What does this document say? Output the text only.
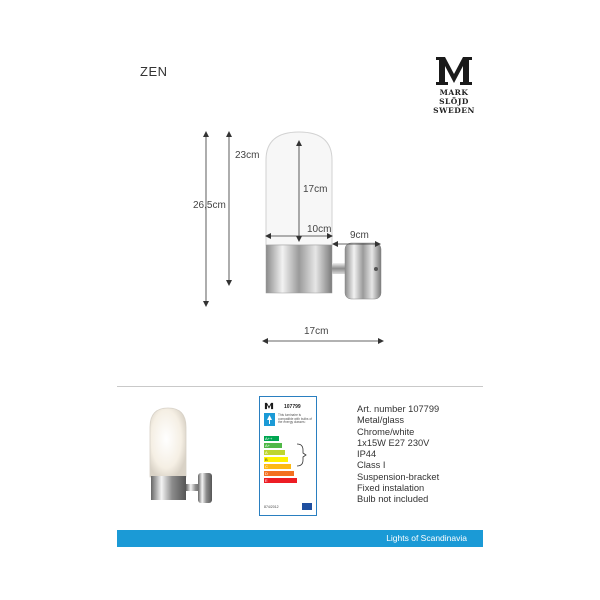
ZEN
MARK
SLÖJD
SWEDEN
26,5cm
23cm
17cm
10cm
9cm
17cm
107799
This luminaire is compatible with bulbs of the energy classes:
A++
A+
A
B
C
D
E
874/2012
Art. number 107799
Metal/glass
Chrome/white
1x15W E27 230V
IP44
Class I
Suspension-bracket
Fixed instalation
Bulb not included
Lights of Scandinavia
